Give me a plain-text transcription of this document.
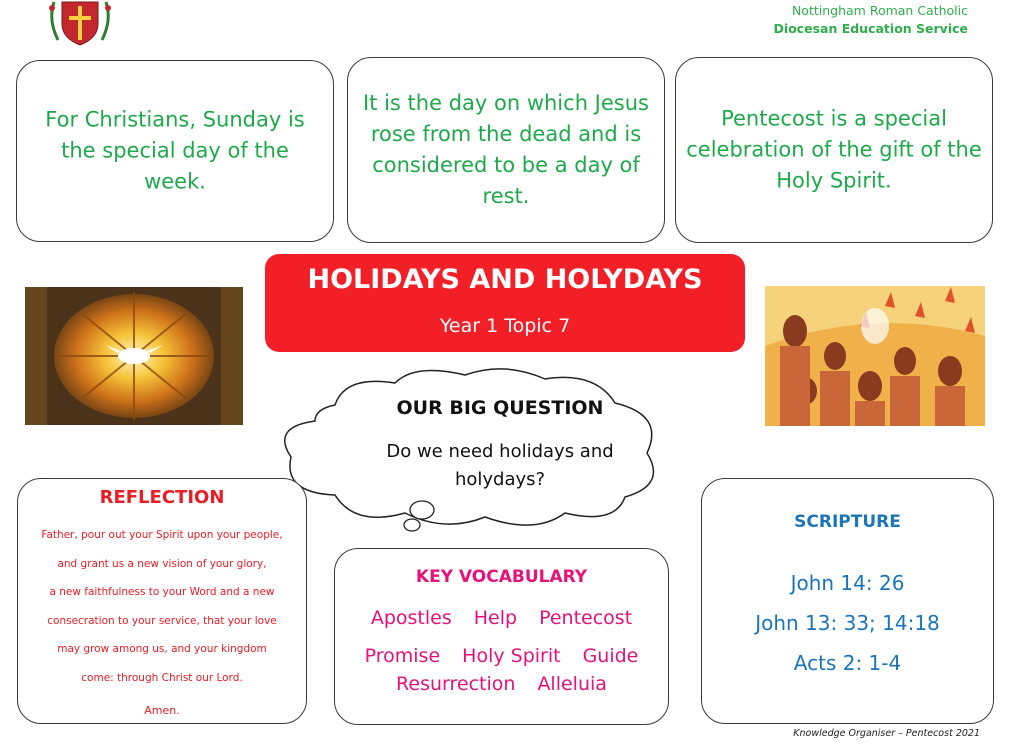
Nottingham Roman Catholic
Diocesan Education Service
For Christians, Sunday is the special day of the week.
It is the day on which Jesus rose from the dead and is considered to be a day of rest.
Pentecost is a special celebration of the gift of the Holy Spirit.
HOLIDAYS AND HOLYDAYS
Year 1 Topic 7
OUR BIG QUESTION
Do we need holidays and holydays?
REFLECTION
Father, pour out your Spirit upon your people,
and grant us a new vision of your glory,
a new faithfulness to your Word and a new
consecration to your service, that your love
may grow among us, and your kingdom
come: through Christ our Lord.
Amen.
KEY VOCABULARY
Apostles Help Pentecost
Promise Holy Spirit Guide
Resurrection Alleluia
SCRIPTURE
John 14: 26
John 13: 33; 14:18
Acts 2: 1-4
Knowledge Organiser – Pentecost 2021
